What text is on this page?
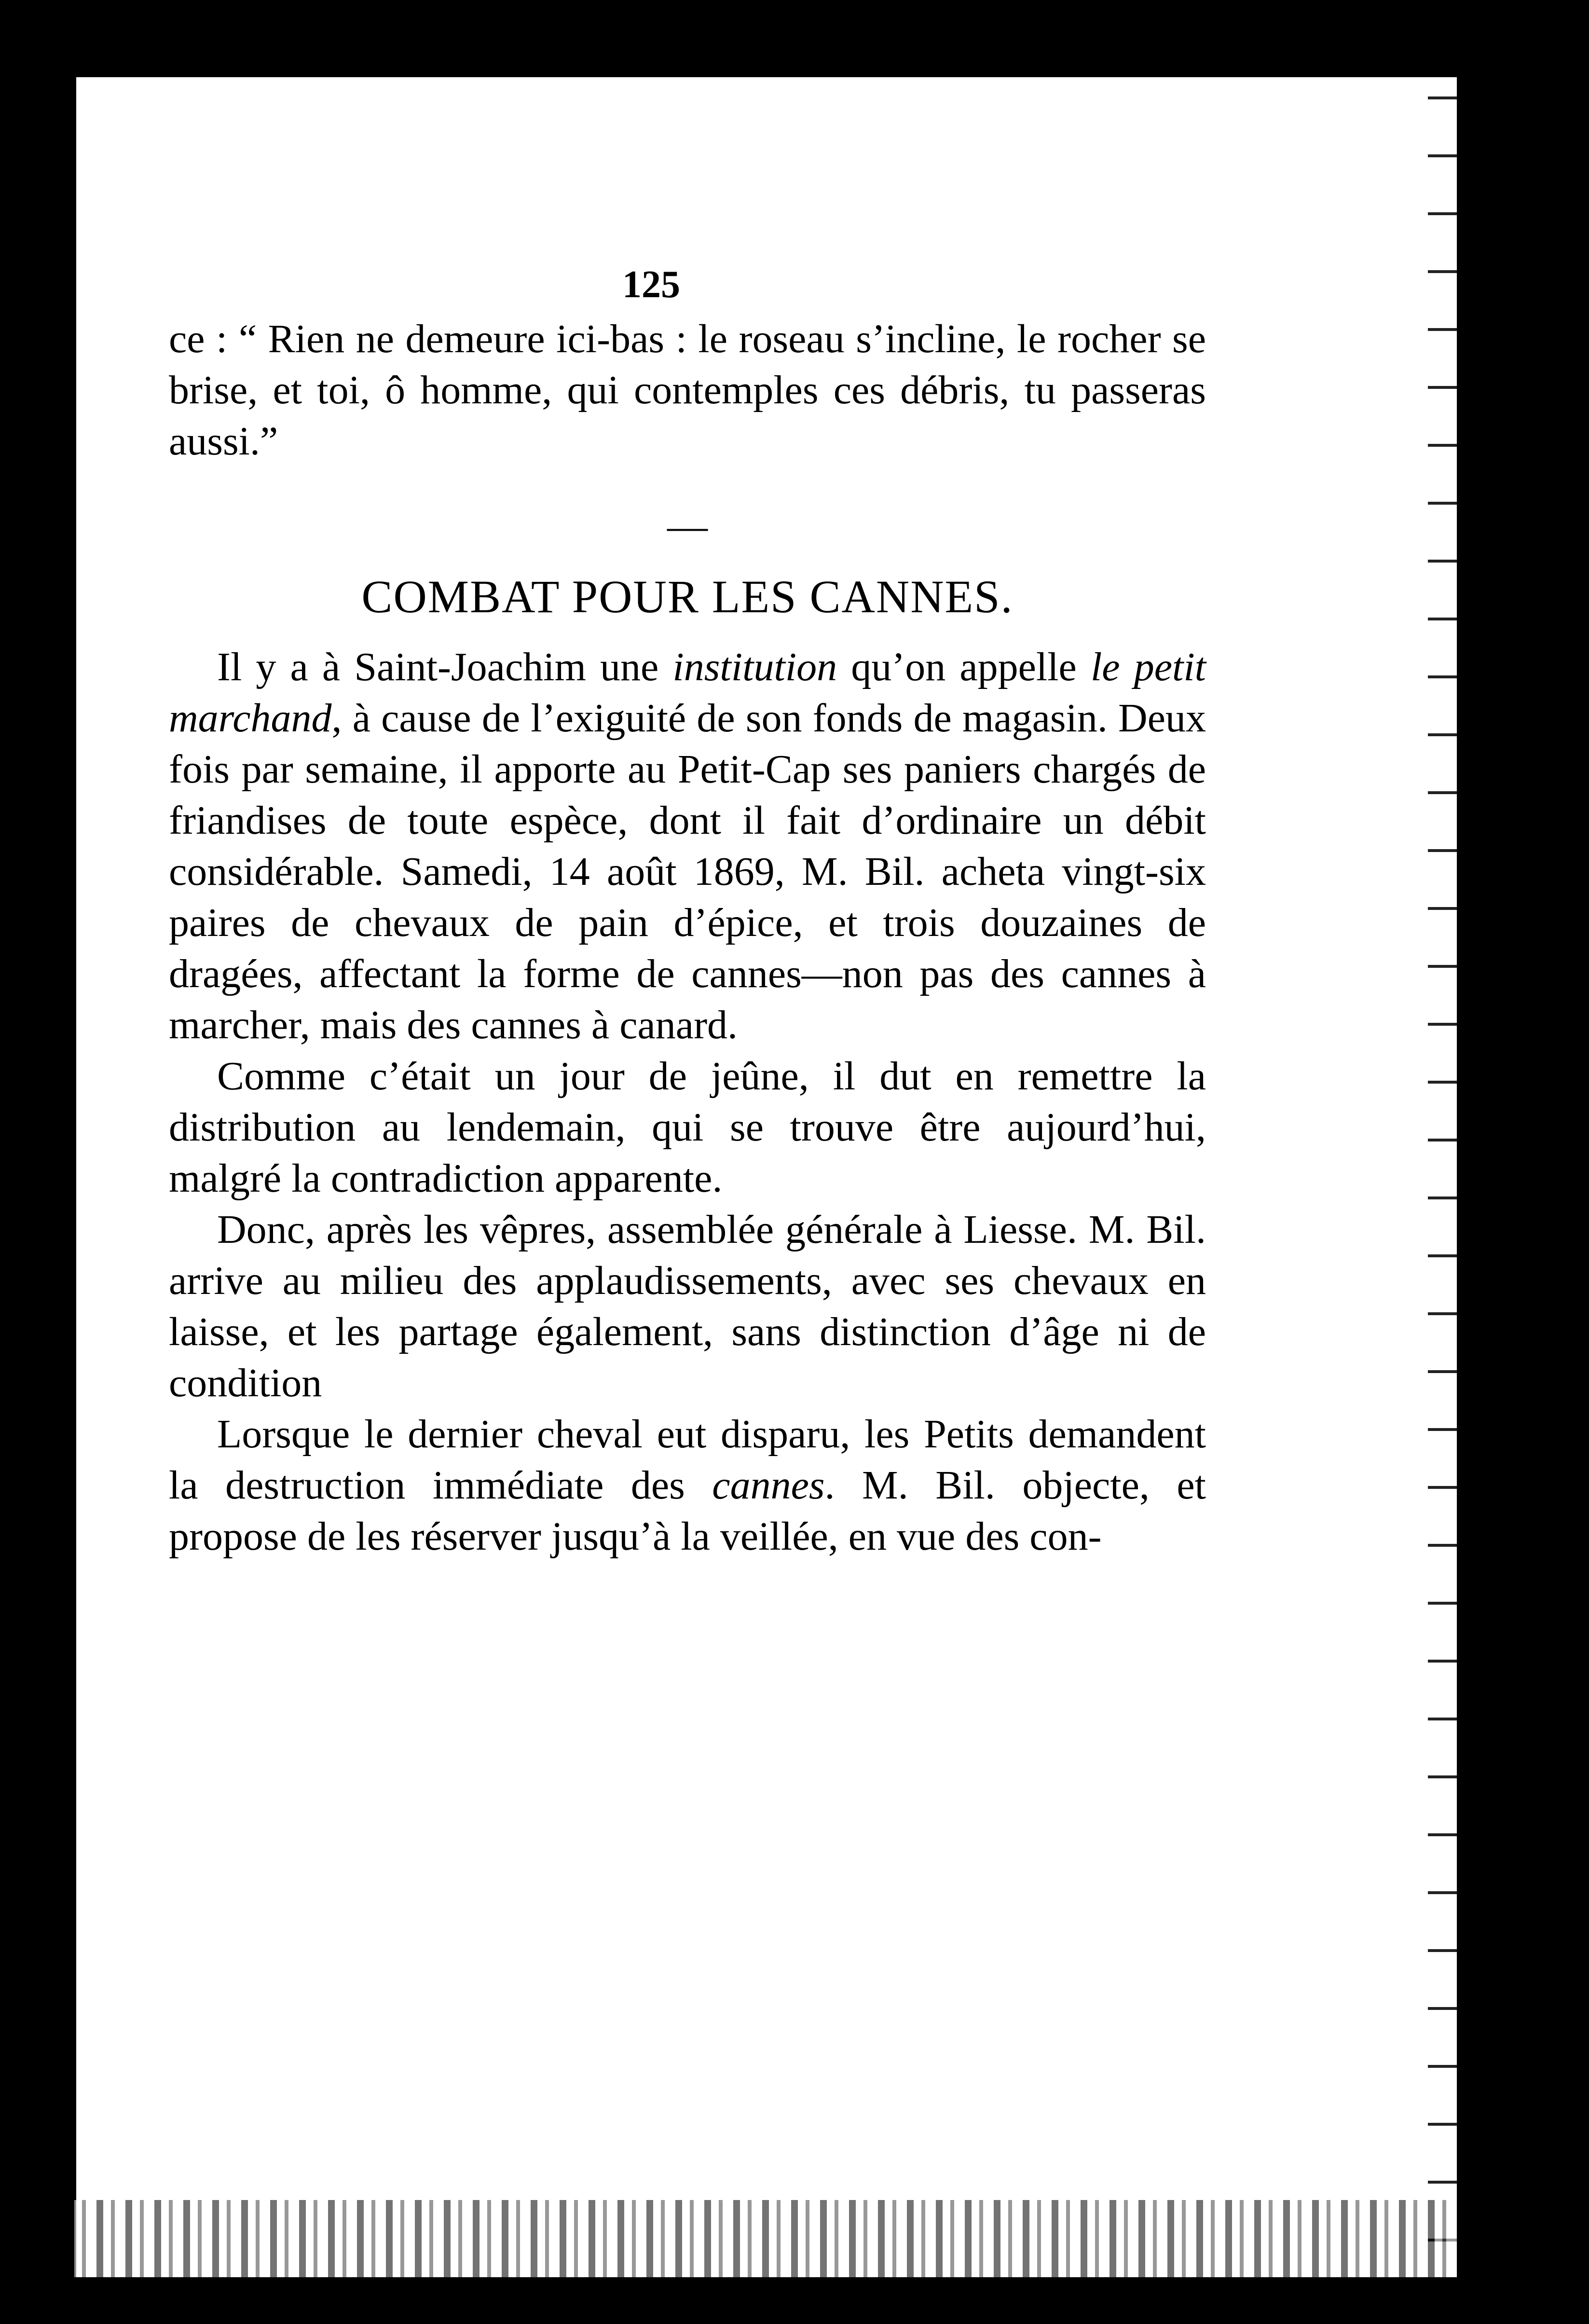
125

ce : “ Rien ne demeure ici-bas : le roseau s’incline, le rocher se brise, et toi, ô homme, qui contemples ces débris, tu passeras aussi.”

—
COMBAT POUR LES CANNES.

Il y a à Saint-Joachim une institution qu’on appelle le petit marchand, à cause de l’exiguité de son fonds de magasin. Deux fois par semaine, il apporte au Petit-Cap ses paniers chargés de friandises de toute espèce, dont il fait d’ordinaire un débit considérable. Samedi, 14 août 1869, M. Bil. acheta vingt-six paires de chevaux de pain d’épice, et trois douzaines de dragées, affectant la forme de cannes—non pas des cannes à marcher, mais des cannes à canard.

Comme c’était un jour de jeûne, il dut en remettre la distribution au lendemain, qui se trouve être aujourd’hui, malgré la contradiction apparente.

Donc, après les vêpres, assemblée générale à Liesse. M. Bil. arrive au milieu des applaudissements, avec ses chevaux en laisse, et les partage également, sans distinction d’âge ni de condition

Lorsque le dernier cheval eut disparu, les Petits demandent la destruction immédiate des cannes. M. Bil. objecte, et propose de les réserver jusqu’à la veillée, en vue des con-
